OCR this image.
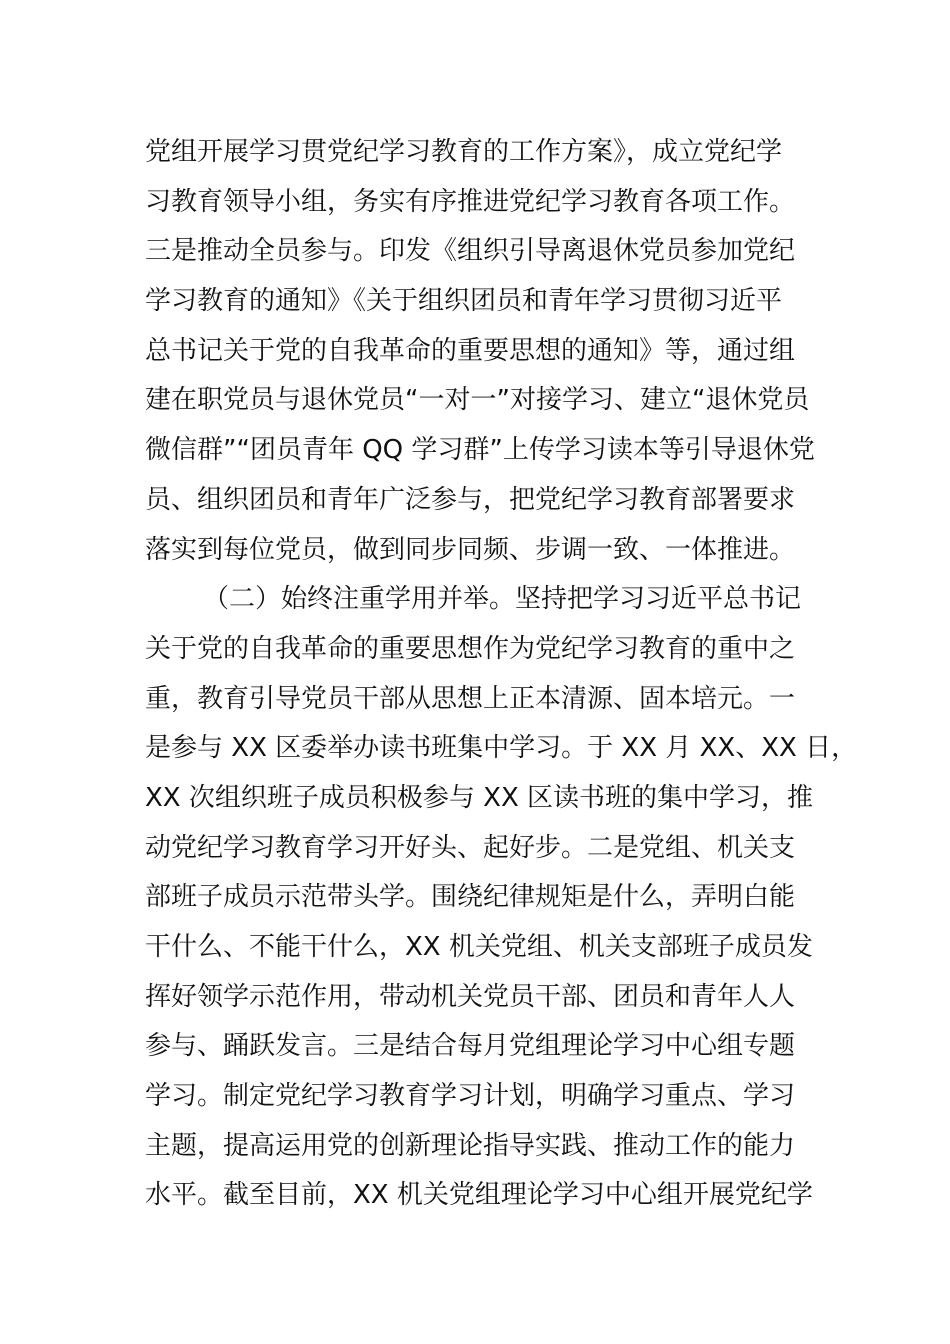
党组开展学习贯党纪学习教育的工作方案》，成立党纪学
习教育领导小组，务实有序推进党纪学习教育各项工作。
三是推动全员参与。印发《组织引导离退休党员参加党纪
学习教育的通知》《关于组织团员和青年学习贯彻习近平
总书记关于党的自我革命的重要思想的通知》等，通过组
建在职党员与退休党员“一对一”对接学习、建立“退休党员
微信群”“团员青年 QQ 学习群”上传学习读本等引导退休党
员、组织团员和青年广泛参与，把党纪学习教育部署要求
落实到每位党员，做到同步同频、步调一致、一体推进。
（二）始终注重学用并举。坚持把学习习近平总书记
关于党的自我革命的重要思想作为党纪学习教育的重中之
重，教育引导党员干部从思想上正本清源、固本培元。一
是参与 XX 区委举办读书班集中学习。于 XX 月 XX、XX 日，
XX 次组织班子成员积极参与 XX 区读书班的集中学习，推
动党纪学习教育学习开好头、起好步。二是党组、机关支
部班子成员示范带头学。围绕纪律规矩是什么，弄明白能
干什么、不能干什么，XX 机关党组、机关支部班子成员发
挥好领学示范作用，带动机关党员干部、团员和青年人人
参与、踊跃发言。三是结合每月党组理论学习中心组专题
学习。制定党纪学习教育学习计划，明确学习重点、学习
主题，提高运用党的创新理论指导实践、推动工作的能力
水平。截至目前，XX 机关党组理论学习中心组开展党纪学
